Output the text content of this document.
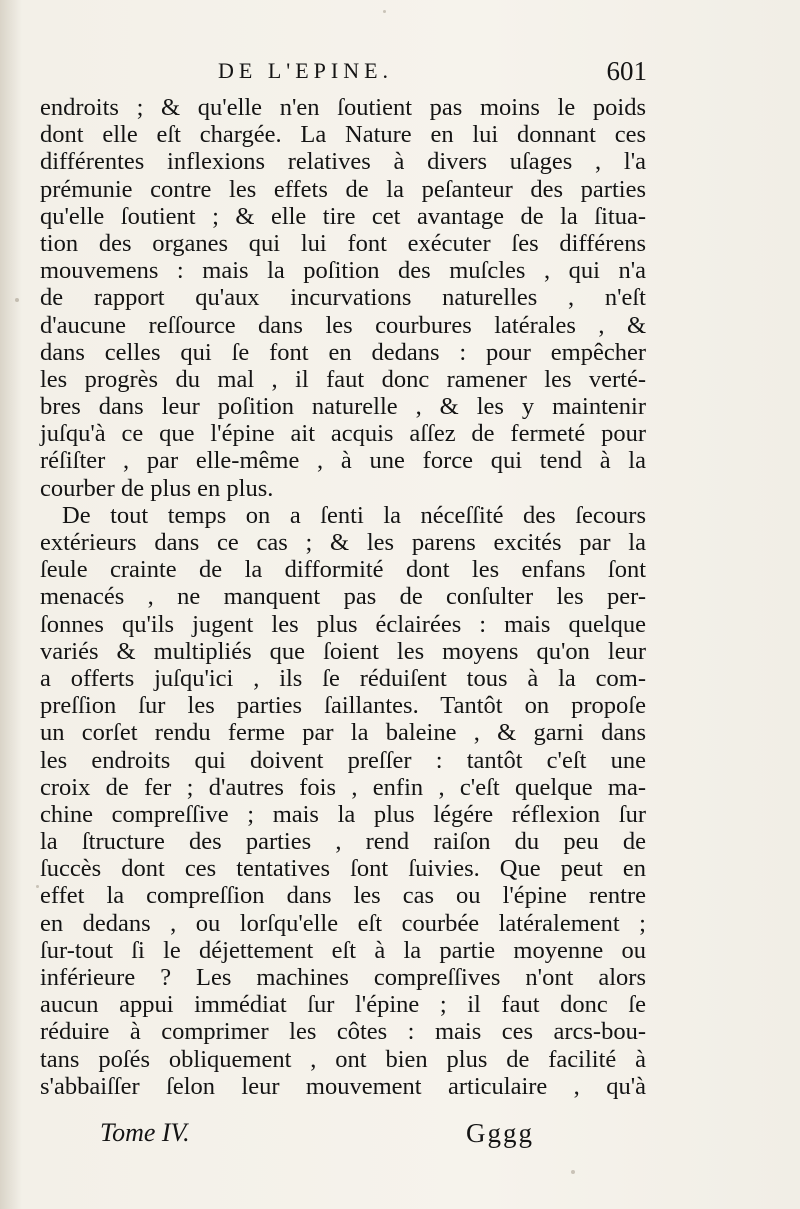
DE L'EPINE.	601
endroits ; & qu'elle n'en ſoutient pas moins le poids
dont elle eſt chargée. La Nature en lui donnant ces
différentes inflexions relatives à divers uſages , l'a
prémunie contre les effets de la peſanteur des parties
qu'elle ſoutient ; & elle tire cet avantage de la ſitua-
tion des organes qui lui font exécuter ſes différens
mouvemens : mais la poſition des muſcles , qui n'a
de rapport qu'aux incurvations naturelles , n'eſt
d'aucune reſſource dans les courbures latérales , &
dans celles qui ſe font en dedans : pour empêcher
les progrès du mal , il faut donc ramener les verté-
bres dans leur poſition naturelle , & les y maintenir
juſqu'à ce que l'épine ait acquis aſſez de fermeté pour
réſiſter , par elle-même , à une force qui tend à la
courber de plus en plus.
De tout temps on a ſenti la néceſſité des ſecours
extérieurs dans ce cas ; & les parens excités par la
ſeule crainte de la difformité dont les enfans ſont
menacés , ne manquent pas de conſulter les per-
ſonnes qu'ils jugent les plus éclairées : mais quelque
variés & multipliés que ſoient les moyens qu'on leur
a offerts juſqu'ici , ils ſe réduiſent tous à la com-
preſſion ſur les parties ſaillantes. Tantôt on propoſe
un corſet rendu ferme par la baleine , & garni dans
les endroits qui doivent preſſer : tantôt c'eſt une
croix de fer ; d'autres fois , enfin , c'eſt quelque ma-
chine compreſſive ; mais la plus légére réflexion ſur
la ſtructure des parties , rend raiſon du peu de
ſuccès dont ces tentatives ſont ſuivies. Que peut en
effet la compreſſion dans les cas ou l'épine rentre
en dedans , ou lorſqu'elle eſt courbée latéralement ;
ſur-tout ſi le déjettement eſt à la partie moyenne ou
inférieure ? Les machines compreſſives n'ont alors
aucun appui immédiat ſur l'épine ; il faut donc ſe
réduire à comprimer les côtes : mais ces arcs-bou-
tans poſés obliquement , ont bien plus de facilité à
s'abbaiſſer ſelon leur mouvement articulaire , qu'à
Tome IV.	Gggg
